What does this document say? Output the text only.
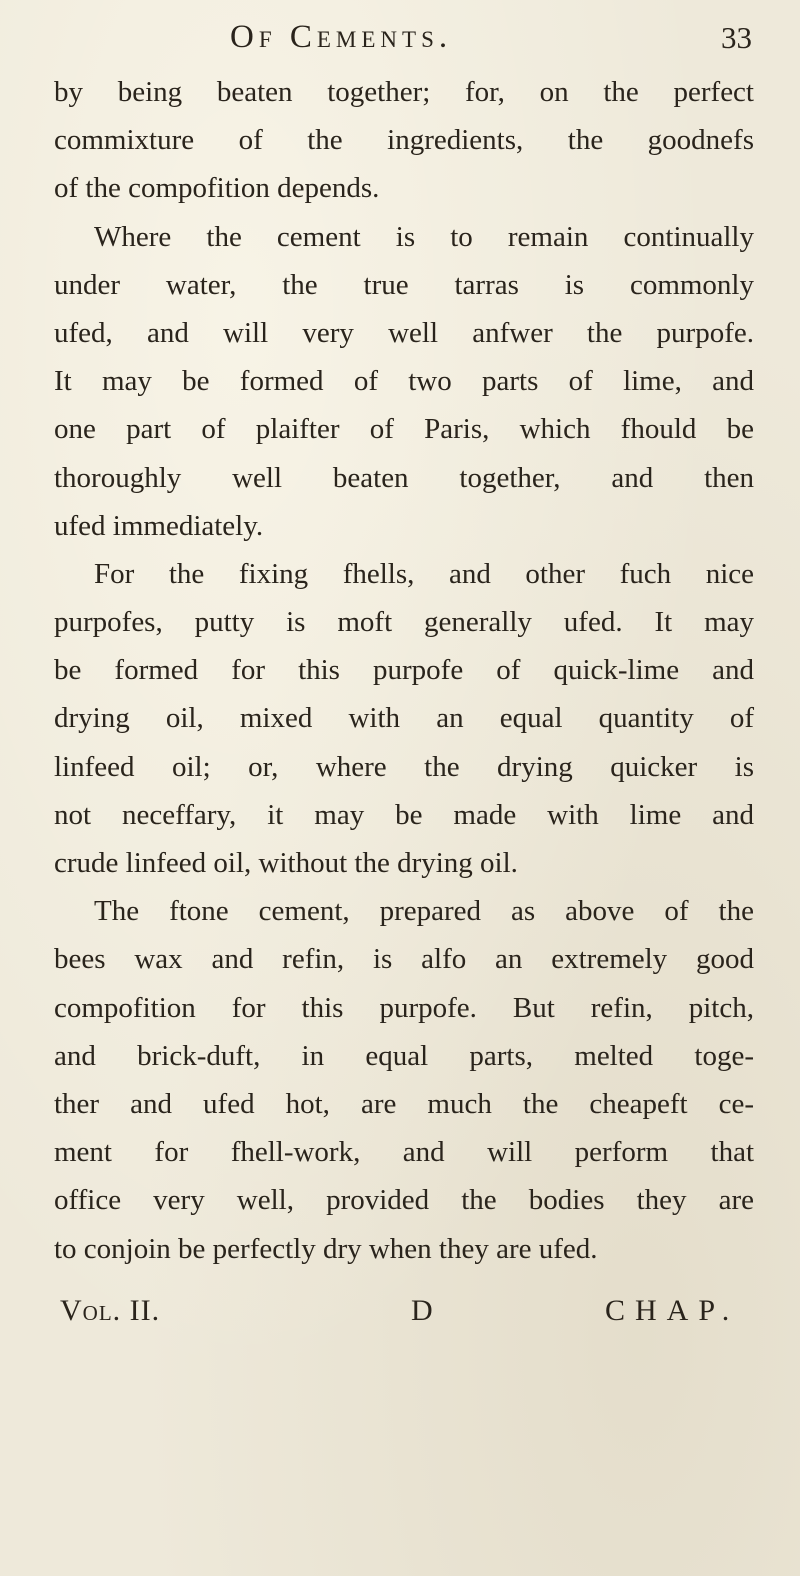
Of Cements.	33
by being beaten together; for, on the perfect
commixture of the ingredients, the goodnefs
of the compofition depends.
Where the cement is to remain continually
under water, the true tarras is commonly
ufed, and will very well anfwer the purpofe.
It may be formed of two parts of lime, and
one part of plaifter of Paris, which fhould be
thoroughly well beaten together, and then
ufed immediately.
For the fixing fhells, and other fuch nice
purpofes, putty is moft generally ufed. It may
be formed for this purpofe of quick-lime and
drying oil, mixed with an equal quantity of
linfeed oil; or, where the drying quicker is
not neceffary, it may be made with lime and
crude linfeed oil, without the drying oil.
The ftone cement, prepared as above of the
bees wax and refin, is alfo an extremely good
compofition for this purpofe. But refin, pitch,
and brick-duft, in equal parts, melted toge-
ther and ufed hot, are much the cheapeft ce-
ment for fhell-work, and will perform that
office very well, provided the bodies they are
to conjoin be perfectly dry when they are ufed.
Vol. II.	D	CHAP.
